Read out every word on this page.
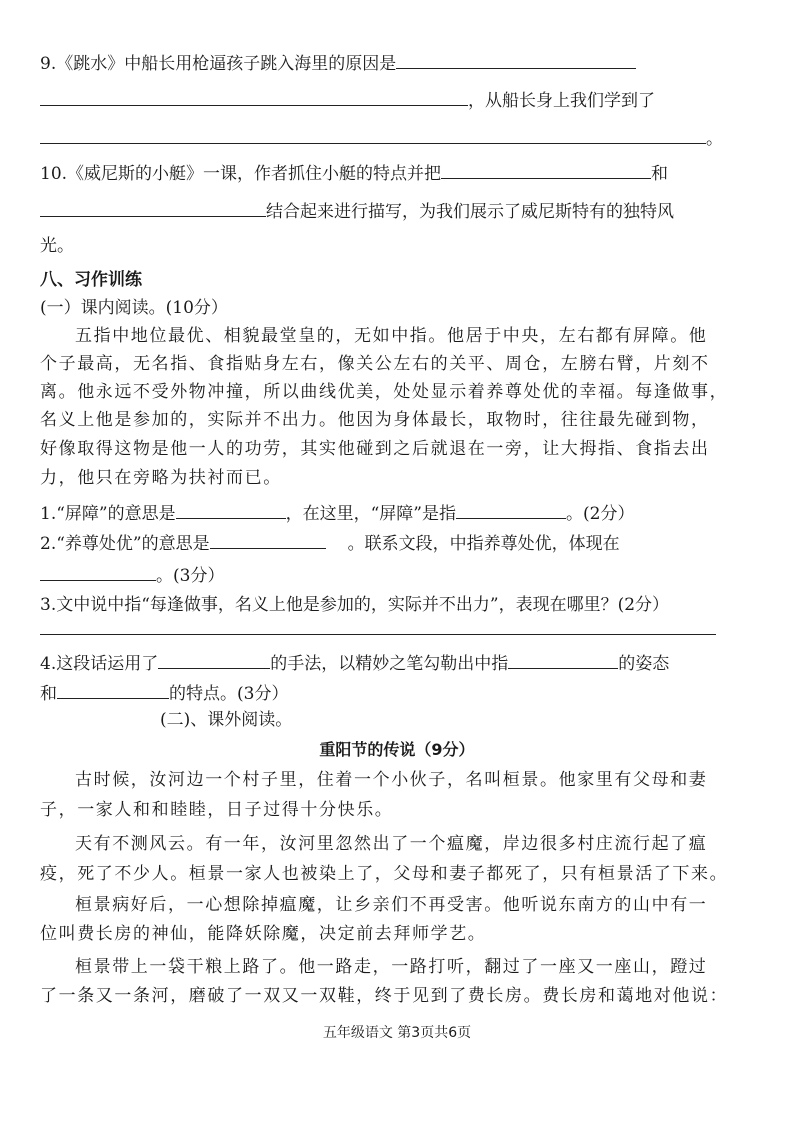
9.《跳水》中船长用枪逼孩子跳入海里的原因是
，从船长身上我们学到了
。
10.《威尼斯的小艇》一课，作者抓住小艇的特点并把	和
结合起来进行描写，为我们展示了威尼斯特有的独特风
光。
八、习作训练
(一）课内阅读。(10分）
五指中地位最优、相貌最堂皇的，无如中指。他居于中央，左右都有屏障。他
个子最高，无名指、食指贴身左右，像关公左右的关平、周仓，左膀右臂，片刻不
离。他永远不受外物冲撞，所以曲线优美，处处显示着养尊处优的幸福。每逢做事，
名义上他是参加的，实际并不出力。他因为身体最长，取物时，往往最先碰到物，
好像取得这物是他一人的功劳，其实他碰到之后就退在一旁，让大拇指、食指去出
力，他只在旁略为扶衬而已。
1.“屏障”的意思是	，在这里，“屏障”是指	。(2分）
2.“养尊处优”的意思是	。联系文段，中指养尊处优，体现在
。(3分）
3.文中说中指“每逢做事，名义上他是参加的，实际并不出力”，表现在哪里？(2分）
4.这段话运用了	的手法，以精妙之笔勾勒出中指	的姿态
和	的特点。(3分）
(二)、课外阅读。
重阳节的传说（9分）
古时候，汝河边一个村子里，住着一个小伙子，名叫桓景。他家里有父母和妻
子，一家人和和睦睦，日子过得十分快乐。
天有不测风云。有一年，汝河里忽然出了一个瘟魔，岸边很多村庄流行起了瘟
疫，死了不少人。桓景一家人也被染上了，父母和妻子都死了，只有桓景活了下来。
桓景病好后，一心想除掉瘟魔，让乡亲们不再受害。他听说东南方的山中有一
位叫费长房的神仙，能降妖除魔，决定前去拜师学艺。
桓景带上一袋干粮上路了。他一路走，一路打听，翻过了一座又一座山，蹬过
了一条又一条河，磨破了一双又一双鞋，终于见到了费长房。费长房和蔼地对他说：
五年级语文 第3页共6页
